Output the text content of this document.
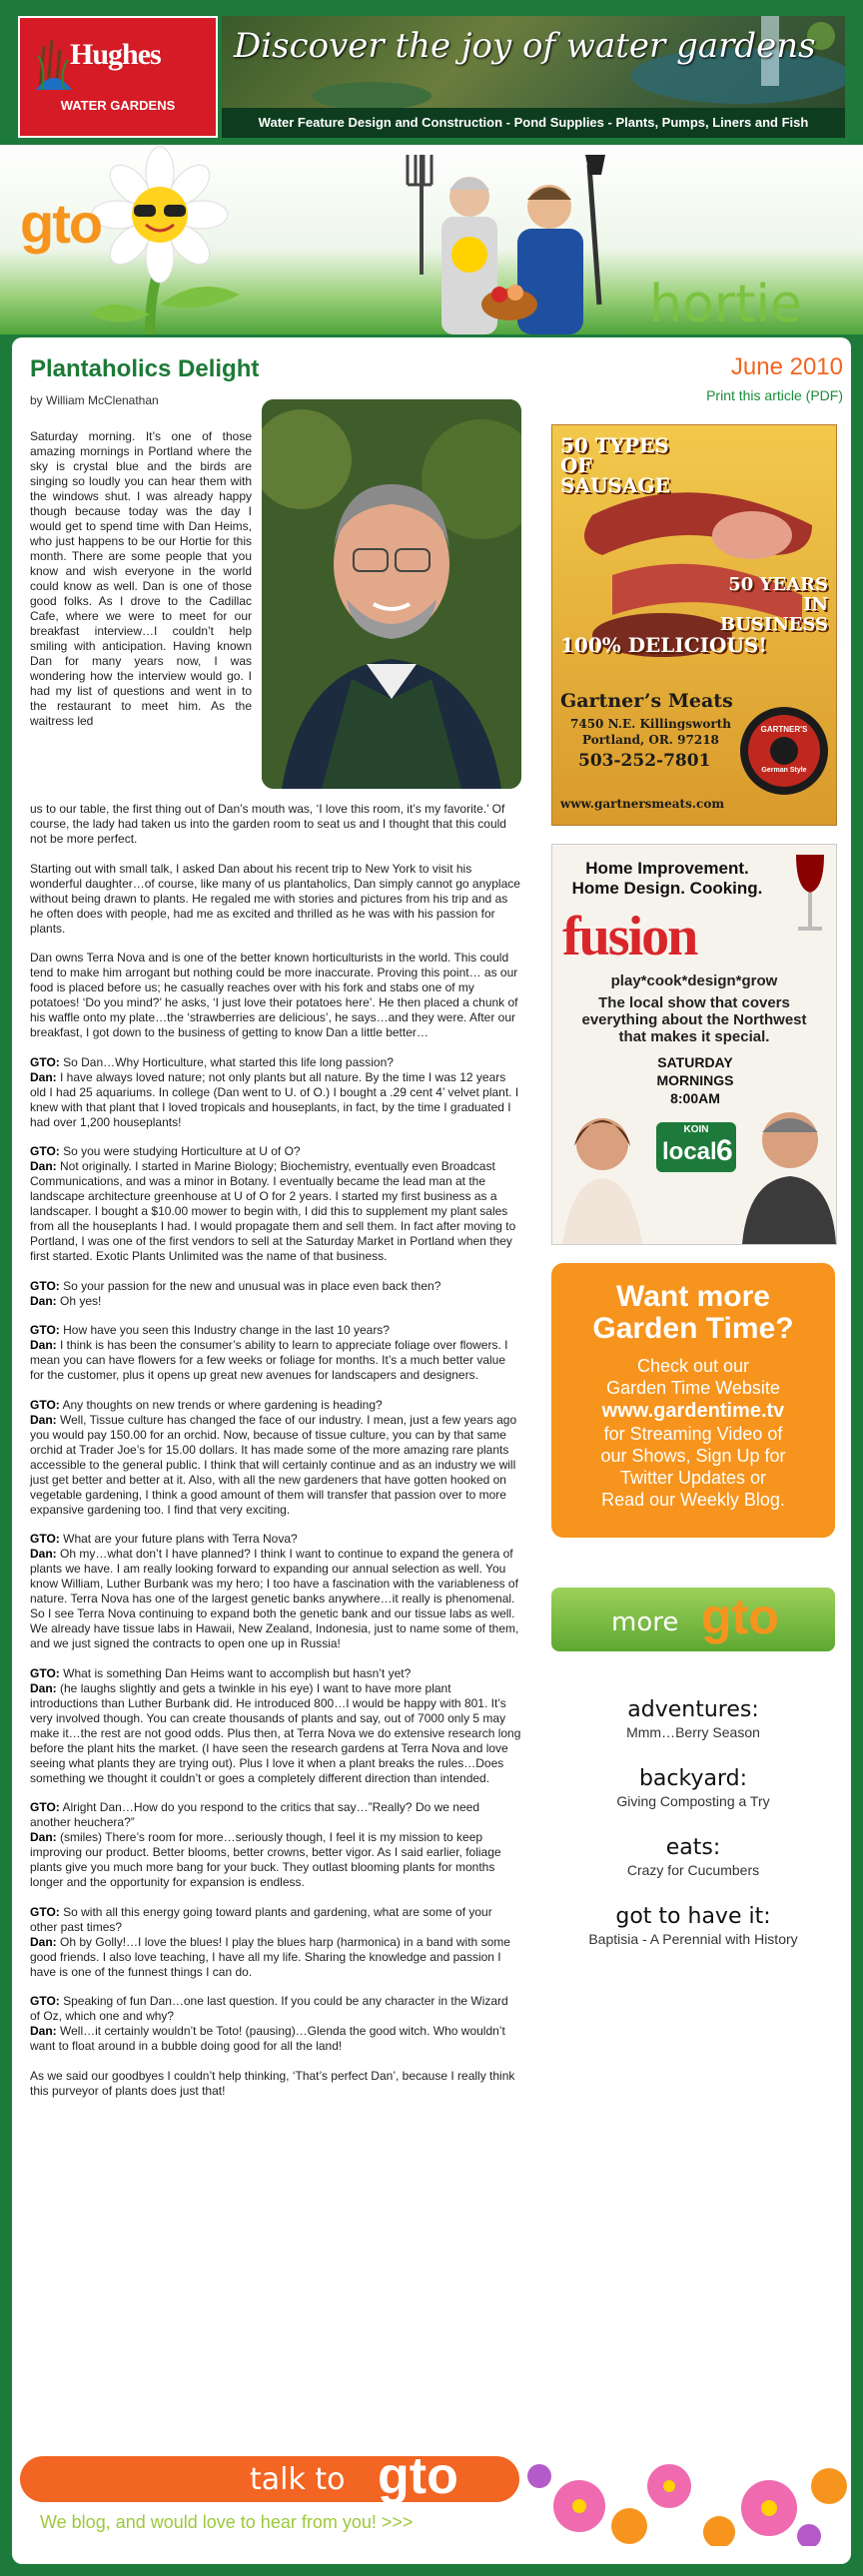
Hughes
WATER GARDENS
Discover the joy of water gardens
Water Feature Design and Construction - Pond Supplies - Plants, Pumps, Liners and Fish
gto
hortie
Plantaholics Delight
by William McClenathan
June 2010
Print this article (PDF)
Saturday morning. It’s one of those amazing mornings in Portland where the sky is crystal blue and the birds are singing so loudly you can hear them with the windows shut. I was already happy though because today was the day I would get to spend time with Dan Heims, who just happens to be our Hortie for this month. There are some people that you know and wish everyone in the world could know as well. Dan is one of those good folks. As I drove to the Cadillac Cafe, where we were to meet for our breakfast interview…I couldn’t help smiling with anticipation. Having known Dan for many years now, I was wondering how the interview would go. I had my list of questions and went in to the restaurant to meet him. As the waitress led

us to our table, the first thing out of Dan’s mouth was, ‘I love this room, it’s my favorite.’ Of course, the lady had taken us into the garden room to seat us and I thought that this could not be more perfect.

Starting out with small talk, I asked Dan about his recent trip to New York to visit his wonderful daughter…of course, like many of us plantaholics, Dan simply cannot go anyplace without being drawn to plants. He regaled me with stories and pictures from his trip and as he often does with people, had me as excited and thrilled as he was with his passion for plants.

Dan owns Terra Nova and is one of the better known horticulturists in the world. This could tend to make him arrogant but nothing could be more inaccurate. Proving this point… as our food is placed before us; he casually reaches over with his fork and stabs one of my potatoes! ‘Do you mind?’ he asks, ‘I just love their potatoes here’. He then placed a chunk of his waffle onto my plate…the ‘strawberries are delicious’, he says…and they were. After our breakfast, I got down to the business of getting to know Dan a little better…

GTO: So Dan…Why Horticulture, what started this life long passion?
Dan: I have always loved nature; not only plants but all nature. By the time I was 12 years old I had 25 aquariums. In college (Dan went to U. of O.) I bought a .29 cent 4’ velvet plant. I knew with that plant that I loved tropicals and houseplants, in fact, by the time I graduated I had over 1,200 houseplants!
GTO: So you were studying Horticulture at U of O?
Dan: Not originally. I started in Marine Biology; Biochemistry, eventually even Broadcast Communications, and was a minor in Botany. I eventually became the lead man at the landscape architecture greenhouse at U of O for 2 years. I started my first business as a landscaper. I bought a $10.00 mower to begin with, I did this to supplement my plant sales from all the houseplants I had. I would propagate them and sell them. In fact after moving to Portland, I was one of the first vendors to sell at the Saturday Market in Portland when they first started. Exotic Plants Unlimited was the name of that business.
GTO: So your passion for the new and unusual was in place even back then?
Dan: Oh yes!
GTO: How have you seen this Industry change in the last 10 years?
Dan: I think is has been the consumer’s ability to learn to appreciate foliage over flowers. I mean you can have flowers for a few weeks or foliage for months. It’s a much better value for the customer, plus it opens up great new avenues for landscapers and designers.
GTO: Any thoughts on new trends or where gardening is heading?
Dan: Well, Tissue culture has changed the face of our industry. I mean, just a few years ago you would pay 150.00 for an orchid. Now, because of tissue culture, you can by that same orchid at Trader Joe’s for 15.00 dollars. It has made some of the more amazing rare plants accessible to the general public. I think that will certainly continue and as an industry we will just get better and better at it. Also, with all the new gardeners that have gotten hooked on vegetable gardening, I think a good amount of them will transfer that passion over to more expansive gardening too. I find that very exciting.
GTO: What are your future plans with Terra Nova?
Dan: Oh my…what don’t I have planned? I think I want to continue to expand the genera of plants we have. I am really looking forward to expanding our annual selection as well. You know William, Luther Burbank was my hero; I too have a fascination with the variableness of nature. Terra Nova has one of the largest genetic banks anywhere…it really is phenomenal. So I see Terra Nova continuing to expand both the genetic bank and our tissue labs as well. We already have tissue labs in Hawaii, New Zealand, Indonesia, just to name some of them, and we just signed the contracts to open one up in Russia!
GTO: What is something Dan Heims want to accomplish but hasn’t yet?
Dan: (he laughs slightly and gets a twinkle in his eye) I want to have more plant introductions than Luther Burbank did. He introduced 800…I would be happy with 801. It’s very involved though. You can create thousands of plants and say, out of 7000 only 5 may make it…the rest are not good odds. Plus then, at Terra Nova we do extensive research long before the plant hits the market. (I have seen the research gardens at Terra Nova and love seeing what plants they are trying out). Plus I love it when a plant breaks the rules…Does something we thought it couldn’t or goes a completely different direction than intended.
GTO: Alright Dan…How do you respond to the critics that say…”Really? Do we need another heuchera?”
Dan: (smiles) There’s room for more…seriously though, I feel it is my mission to keep improving our product. Better blooms, better crowns, better vigor. As I said earlier, foliage plants give you much more bang for your buck. They outlast blooming plants for months longer and the opportunity for expansion is endless.
GTO: So with all this energy going toward plants and gardening, what are some of your other past times?
Dan: Oh by Golly!…I love the blues! I play the blues harp (harmonica) in a band with some good friends. I also love teaching, I have all my life. Sharing the knowledge and passion I have is one of the funnest things I can do.
GTO: Speaking of fun Dan…one last question. If you could be any character in the Wizard of Oz, which one and why?
Dan: Well…it certainly wouldn’t be Toto! (pausing)…Glenda the good witch. Who wouldn’t want to float around in a bubble doing good for all the land!

As we said our goodbyes I couldn’t help thinking, ‘That’s perfect Dan’, because I really think this purveyor of plants does just that!

50 TYPES OF SAUSAGE
50 YEARS IN BUSINESS
100% DELICIOUS!
Gartner’s Meats
7450 N.E. Killingsworth
Portland, OR. 97218
503-252-7801
www.gartnersmeats.com
GARTNER'S
German Style
Home Improvement.
Home Design. Cooking.
fusion
play*cook*design*grow
The local show that covers everything about the Northwest that makes it special.
SATURDAY
MORNINGS
8:00AM
KOIN
local 6
Want more
Garden Time?
Check out our
Garden Time Website
www.gardentime.tv
for Streaming Video of
our Shows, Sign Up for
Twitter Updates or
Read our Weekly Blog.
more gto
adventures:
Mmm…Berry Season
backyard:
Giving Composting a Try
eats:
Crazy for Cucumbers
got to have it:
Baptisia - A Perennial with History
talk to gto
We blog, and would love to hear from you! >>>
